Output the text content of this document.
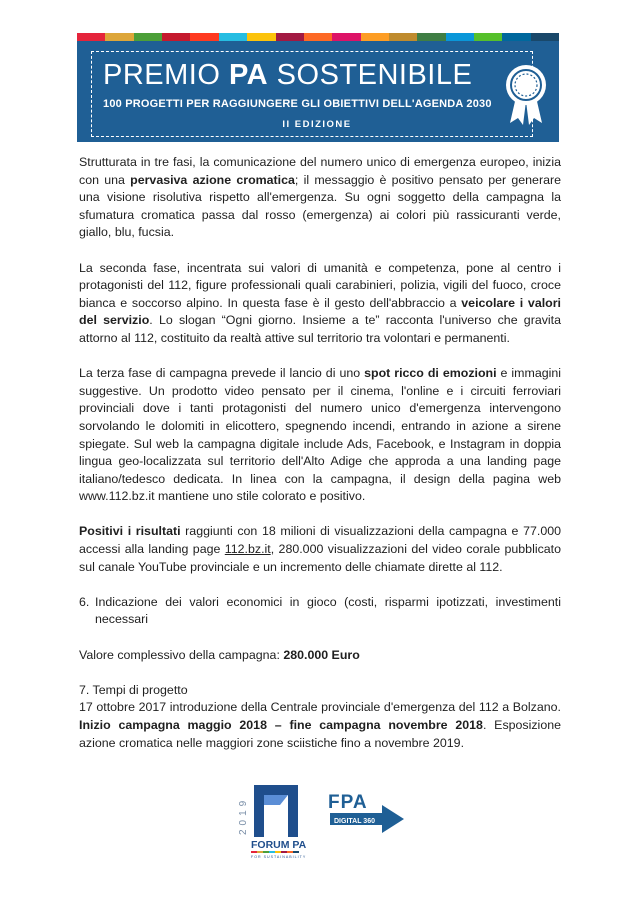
PREMIO PA SOSTENIBILE
100 PROGETTI PER RAGGIUNGERE GLI OBIETTIVI DELL'AGENDA 2030
II EDIZIONE

Strutturata in tre fasi, la comunicazione del numero unico di emergenza europeo, inizia con una pervasiva azione cromatica; il messaggio è positivo pensato per generare una visione risolutiva rispetto all'emergenza. Su ogni soggetto della campagna la sfumatura cromatica passa dal rosso (emergenza) ai colori più rassicuranti verde, giallo, blu, fucsia.

La seconda fase, incentrata sui valori di umanità e competenza, pone al centro i protagonisti del 112, figure professionali quali carabinieri, polizia, vigili del fuoco, croce bianca e soccorso alpino. In questa fase è il gesto dell'abbraccio a veicolare i valori del servizio. Lo slogan “Ogni giorno. Insieme a te” racconta l'universo che gravita attorno al 112, costituito da realtà attive sul territorio tra volontari e permanenti.

La terza fase di campagna prevede il lancio di uno spot ricco di emozioni e immagini suggestive. Un prodotto video pensato per il cinema, l'online e i circuiti ferroviari provinciali dove i tanti protagonisti del numero unico d'emergenza intervengono sorvolando le dolomiti in elicottero, spegnendo incendi, entrando in azione a sirene spiegate. Sul web la campagna digitale include Ads, Facebook, e Instagram in doppia lingua geo-localizzata sul territorio dell'Alto Adige che approda a una landing page italiano/tedesco dedicata. In linea con la campagna, il design della pagina web www.112.bz.it mantiene uno stile colorato e positivo.

Positivi i risultati raggiunti con 18 milioni di visualizzazioni della campagna e 77.000 accessi alla landing page 112.bz.it, 280.000 visualizzazioni del video corale pubblicato sul canale YouTube provinciale e un incremento delle chiamate dirette al 112.

6. Indicazione dei valori economici in gioco (costi, risparmi ipotizzati, investimenti necessari

Valore complessivo della campagna: 280.000 Euro

7. Tempi di progetto

17 ottobre 2017 introduzione della Centrale provinciale d'emergenza del 112 a Bolzano. Inizio campagna maggio 2018 – fine campagna novembre 2018. Esposizione azione cromatica nelle maggiori zone sciistiche fino a novembre 2019.

2019
FORUM PA
FOR SUSTAINABILITY
FPA
DIGITAL 360
